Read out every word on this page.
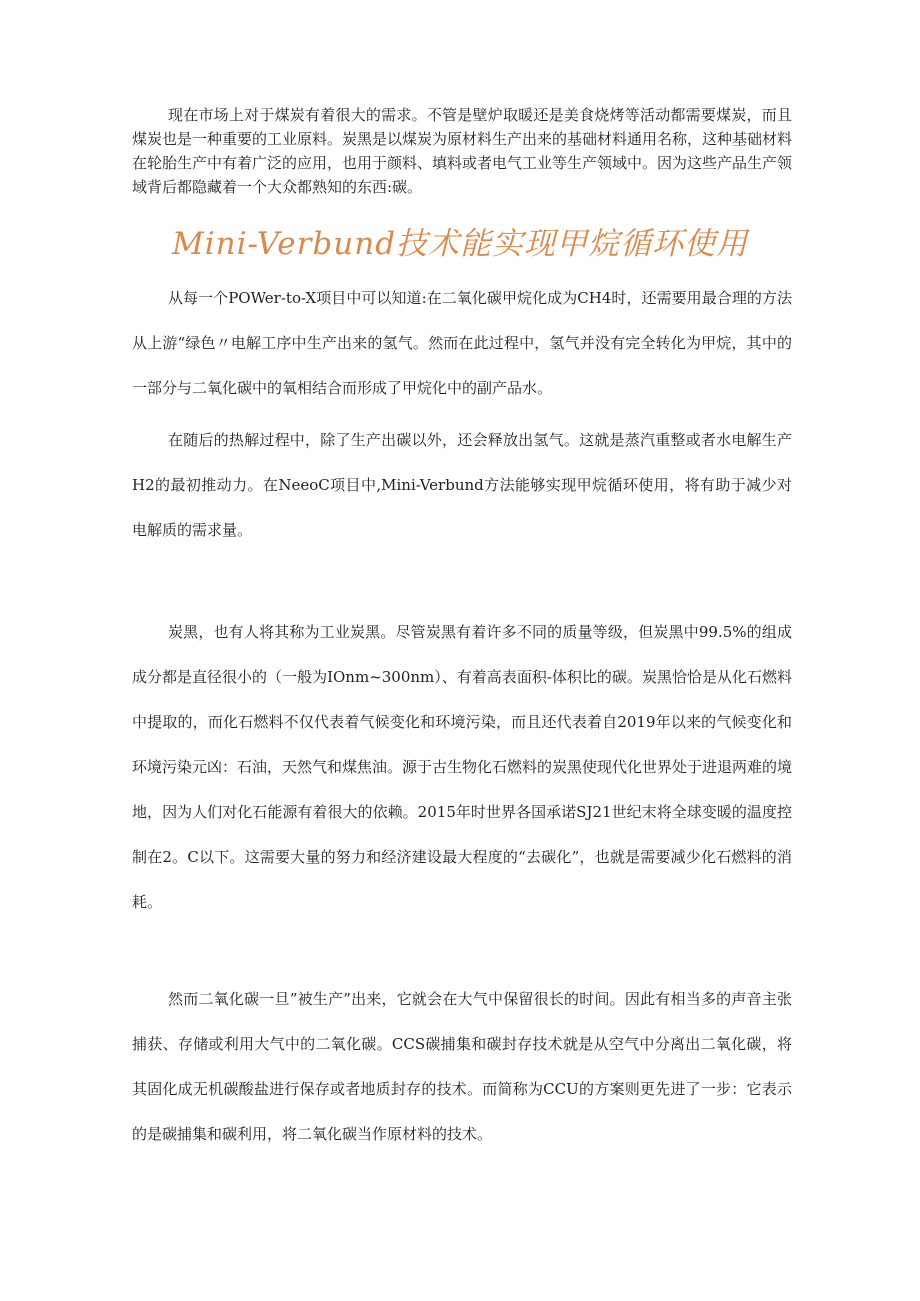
现在市场上对于煤炭有着很大的需求。不管是壁炉取暖还是美食烧烤等活动都需要煤炭，而且煤炭也是一种重要的工业原料。炭黑是以煤炭为原材料生产出来的基础材料通用名称，这种基础材料在轮胎生产中有着广泛的应用，也用于颜料、填料或者电气工业等生产领域中。因为这些产品生产领域背后都隐藏着一个大众都熟知的东西:碳。

Mini-Verbund技术能实现甲烷循环使用

从每一个POWer-to-X项目中可以知道:在二氧化碳甲烷化成为CH4时，还需要用最合理的方法从上游“绿色〃电解工序中生产出来的氢气。然而在此过程中，氢气并没有完全转化为甲烷，其中的一部分与二氧化碳中的氧相结合而形成了甲烷化中的副产品水。

在随后的热解过程中，除了生产出碳以外，还会释放出氢气。这就是蒸汽重整或者水电解生产H2的最初推动力。在NeeoC项目中,Mini-Verbund方法能够实现甲烷循环使用，将有助于减少对电解质的需求量。

炭黑，也有人将其称为工业炭黑。尽管炭黑有着许多不同的质量等级，但炭黑中99.5%的组成成分都是直径很小的（一般为IOnm~300nm）、有着高表面积-体积比的碳。炭黑恰恰是从化石燃料中提取的，而化石燃料不仅代表着气候变化和环境污染，而且还代表着自2019年以来的气候变化和环境污染元凶：石油，天然气和煤焦油。源于古生物化石燃料的炭黑使现代化世界处于进退两难的境地，因为人们对化石能源有着很大的依赖。2015年时世界各国承诺SJ21世纪末将全球变暖的温度控制在2。C以下。这需要大量的努力和经济建设最大程度的“去碳化”，也就是需要减少化石燃料的消耗。

然而二氧化碳一旦”被生产”出来，它就会在大气中保留很长的时间。因此有相当多的声音主张捕获、存储或利用大气中的二氧化碳。CCS碳捕集和碳封存技术就是从空气中分离出二氧化碳，将其固化成无机碳酸盐进行保存或者地质封存的技术。而简称为CCU的方案则更先进了一步：它表示的是碳捕集和碳利用，将二氧化碳当作原材料的技术。
